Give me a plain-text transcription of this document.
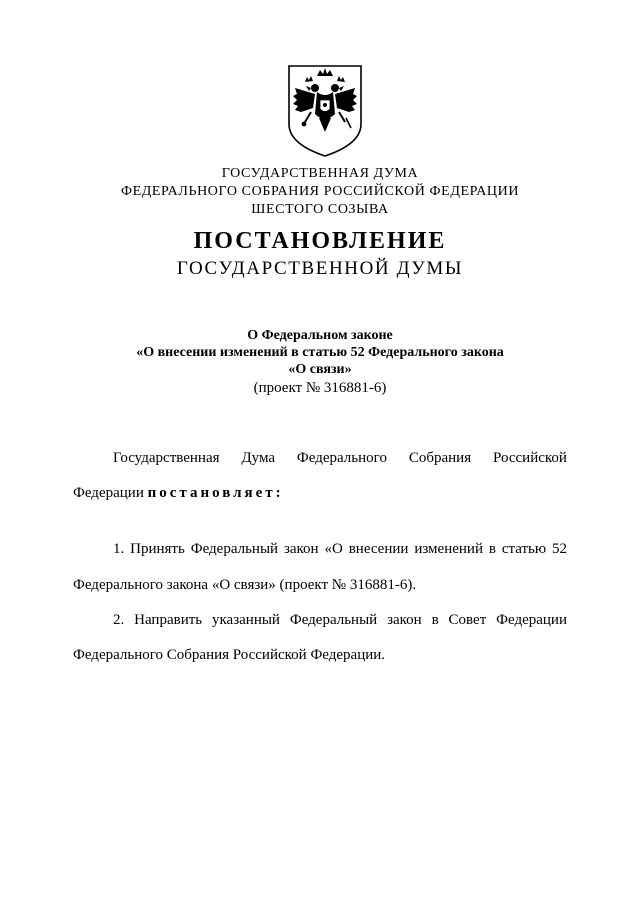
ГОСУДАРСТВЕННАЯ ДУМА
ФЕДЕРАЛЬНОГО СОБРАНИЯ РОССИЙСКОЙ ФЕДЕРАЦИИ
ШЕСТОГО СОЗЫВА
ПОСТАНОВЛЕНИЕ
ГОСУДАРСТВЕННОЙ ДУМЫ
О Федеральном законе
«О внесении изменений в статью 52 Федерального закона
«О связи»
(проект № 316881-6)
Государственная Дума Федерального Собрания Российской
Федерации постановляет:
1. Принять Федеральный закон «О внесении изменений в статью 52
Федерального закона «О связи» (проект № 316881-6).
2. Направить указанный Федеральный закон в Совет Федерации
Федерального Собрания Российской Федерации.
